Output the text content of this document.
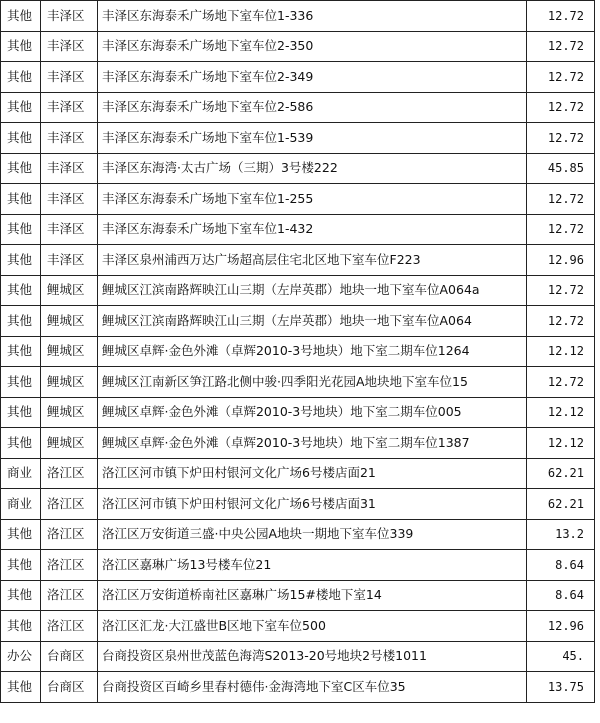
其他	丰泽区	丰泽区东海泰禾广场地下室车位1-336	12.72
其他	丰泽区	丰泽区东海泰禾广场地下室车位2-350	12.72
其他	丰泽区	丰泽区东海泰禾广场地下室车位2-349	12.72
其他	丰泽区	丰泽区东海泰禾广场地下室车位2-586	12.72
其他	丰泽区	丰泽区东海泰禾广场地下室车位1-539	12.72
其他	丰泽区	丰泽区东海湾·太古广场（三期）3号楼222	45.85
其他	丰泽区	丰泽区东海泰禾广场地下室车位1-255	12.72
其他	丰泽区	丰泽区东海泰禾广场地下室车位1-432	12.72
其他	丰泽区	丰泽区泉州浦西万达广场超高层住宅北区地下室车位F223	12.96
其他	鲤城区	鲤城区江滨南路辉映江山三期（左岸英郡）地块一地下室车位A064a	12.72
其他	鲤城区	鲤城区江滨南路辉映江山三期（左岸英郡）地块一地下室车位A064	12.72
其他	鲤城区	鲤城区卓辉·金色外滩（卓辉2010-3号地块）地下室二期车位1264	12.12
其他	鲤城区	鲤城区江南新区笋江路北侧中骏·四季阳光花园A地块地下室车位15	12.72
其他	鲤城区	鲤城区卓辉·金色外滩（卓辉2010-3号地块）地下室二期车位005	12.12
其他	鲤城区	鲤城区卓辉·金色外滩（卓辉2010-3号地块）地下室二期车位1387	12.12
商业	洛江区	洛江区河市镇下炉田村银河文化广场6号楼店面21	62.21
商业	洛江区	洛江区河市镇下炉田村银河文化广场6号楼店面31	62.21
其他	洛江区	洛江区万安街道三盛·中央公园A地块一期地下室车位339	13.2
其他	洛江区	洛江区嘉琳广场13号楼车位21	8.64
其他	洛江区	洛江区万安街道桥南社区嘉琳广场15#楼地下室14	8.64
其他	洛江区	洛江区汇龙·大江盛世B区地下室车位500	12.96
办公	台商区	台商投资区泉州世茂蓝色海湾S2013-20号地块2号楼1011	45.
其他	台商区	台商投资区百崎乡里春村德伟·金海湾地下室C区车位35	13.75
